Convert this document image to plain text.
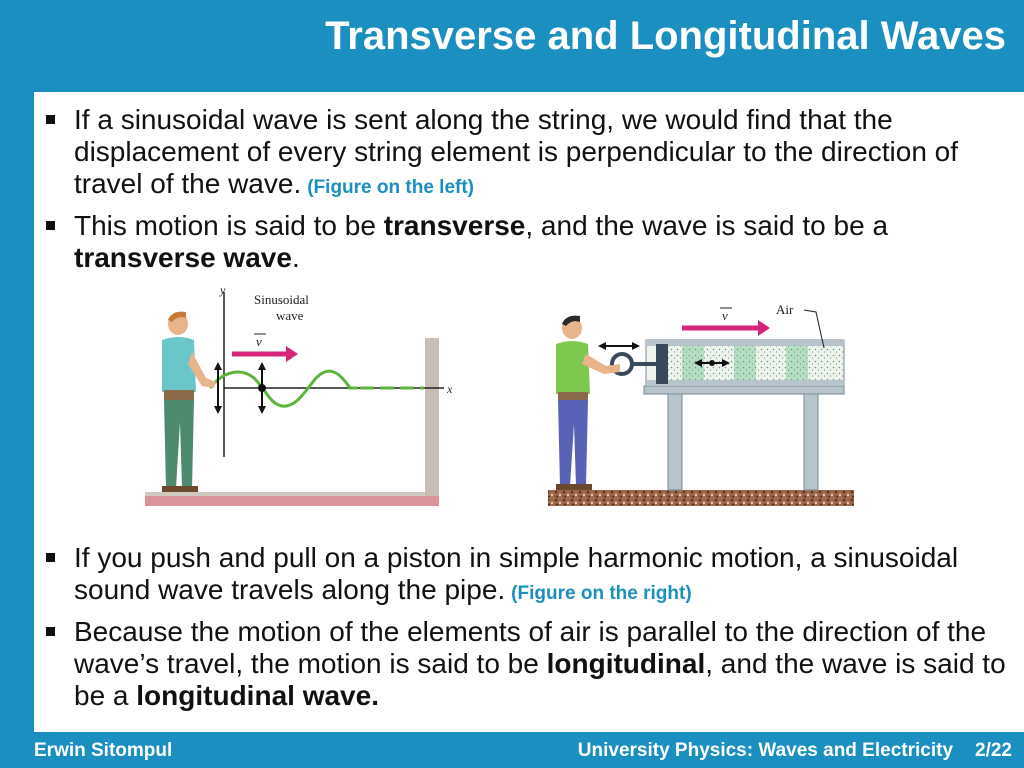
Transverse and Longitudinal Waves
If a sinusoidal wave is sent along the string, we would find that the displacement of every string element is perpendicular to the direction of travel of the wave. (Figure on the left)
This motion is said to be transverse, and the wave is said to be a transverse wave.
y
x
v
Sinusoidal
wave	v	Air
If you push and pull on a piston in simple harmonic motion, a sinusoidal sound wave travels along the pipe. (Figure on the right)
Because the motion of the elements of air is parallel to the direction of the wave’s travel, the motion is said to be longitudinal, and the wave is said to be a longitudinal wave.
Erwin Sitompul	University Physics: Waves and Electricity 2/22
